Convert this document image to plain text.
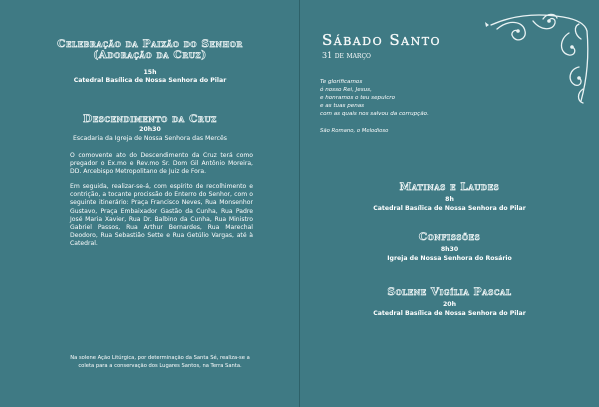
Celebração da Paixão do Senhor
(Adoração da Cruz)
15h
Catedral Basílica de Nossa Senhora do Pilar
Descendimento da Cruz
20h30
Escadaria da Igreja de Nossa Senhora das Mercês
O comovente ato do Descendimento da Cruz terá como pregador o Ex.mo e Rev.mo Sr. Dom Gil Antônio Moreira, DD. Arcebispo Metropolitano de Juiz de Fora.
Em seguida, realizar-se-á, com espírito de recolhimento e contrição, a tocante procissão do Enterro do Senhor, com o seguinte itinerário: Praça Francisco Neves, Rua Monsenhor Gustavo, Praça Embaixador Gastão da Cunha, Rua Padre José Maria Xavier, Rua Dr. Balbino da Cunha, Rua Ministro Gabriel Passos, Rua Arthur Bernardes, Rua Marechal Deodoro, Rua Sebastião Sette e Rua Getúlio Vargas, até à Catedral.
Na solene Ação Litúrgica, por determinação da Santa Sé, realiza-se a coleta para a conservação dos Lugares Santos, na Terra Santa.
Sábado Santo
31 de março
Te glorificamos
ó nosso Rei, Jesus,
e honramos o teu sepulcro
e as tuas penas
com as quais nos salvou da corrupção.
São Romano, o Melodioso
Matinas e Laudes
8h
Catedral Basílica de Nossa Senhora do Pilar
Confissões
8h30
Igreja de Nossa Senhora do Rosário
Solene Vigília Pascal
20h
Catedral Basílica de Nossa Senhora do Pilar
